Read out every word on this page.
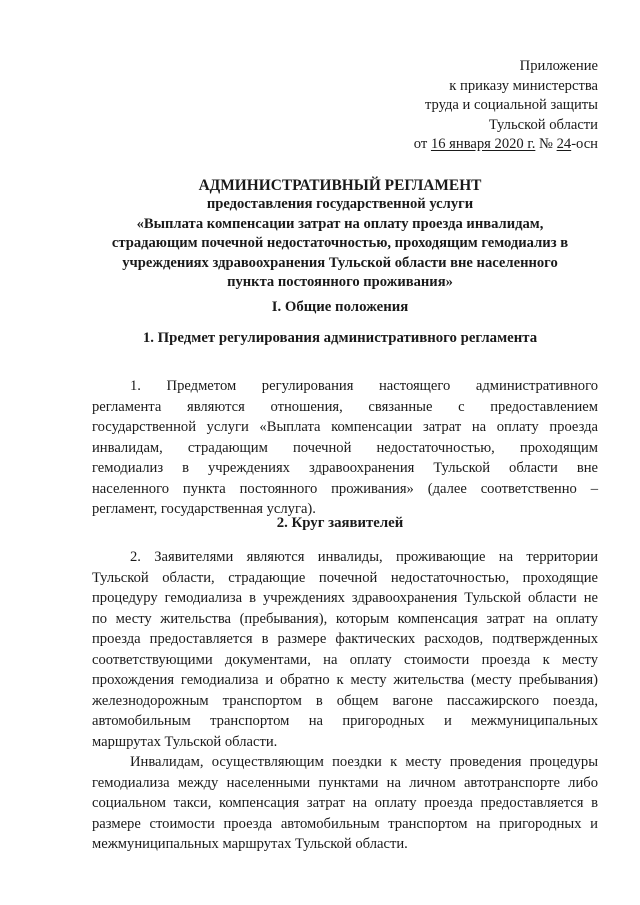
Приложение
к приказу министерства
труда и социальной защиты
Тульской области
от 16 января 2020 г. № 24-осн
АДМИНИСТРАТИВНЫЙ РЕГЛАМЕНТ
предоставления государственной услуги
«Выплата компенсации затрат на оплату проезда инвалидам,
страдающим почечной недостаточностью, проходящим гемодиализ в
учреждениях здравоохранения Тульской области вне населенного
пункта постоянного проживания»
I. Общие положения
1. Предмет регулирования административного регламента
1. Предметом регулирования настоящего административного
регламента являются отношения, связанные с предоставлением
государственной услуги «Выплата компенсации затрат на оплату проезда
инвалидам, страдающим почечной недостаточностью, проходящим
гемодиализ в учреждениях здравоохранения Тульской области вне
населенного пункта постоянного проживания» (далее соответственно –
регламент, государственная услуга).
2. Круг заявителей
2. Заявителями являются инвалиды, проживающие на территории
Тульской области, страдающие почечной недостаточностью, проходящие
процедуру гемодиализа в учреждениях здравоохранения Тульской области не
по месту жительства (пребывания), которым компенсация затрат на оплату
проезда предоставляется в размере фактических расходов, подтвержденных
соответствующими документами, на оплату стоимости проезда к месту
прохождения гемодиализа и обратно к месту жительства (месту пребывания)
железнодорожным транспортом в общем вагоне пассажирского поезда,
автомобильным транспортом на пригородных и межмуниципальных
маршрутах Тульской области.
Инвалидам, осуществляющим поездки к месту проведения процедуры
гемодиализа между населенными пунктами на личном автотранспорте либо
социальном такси, компенсация затрат на оплату проезда предоставляется в
размере стоимости проезда автомобильным транспортом на пригородных и
межмуниципальных маршрутах Тульской области.
